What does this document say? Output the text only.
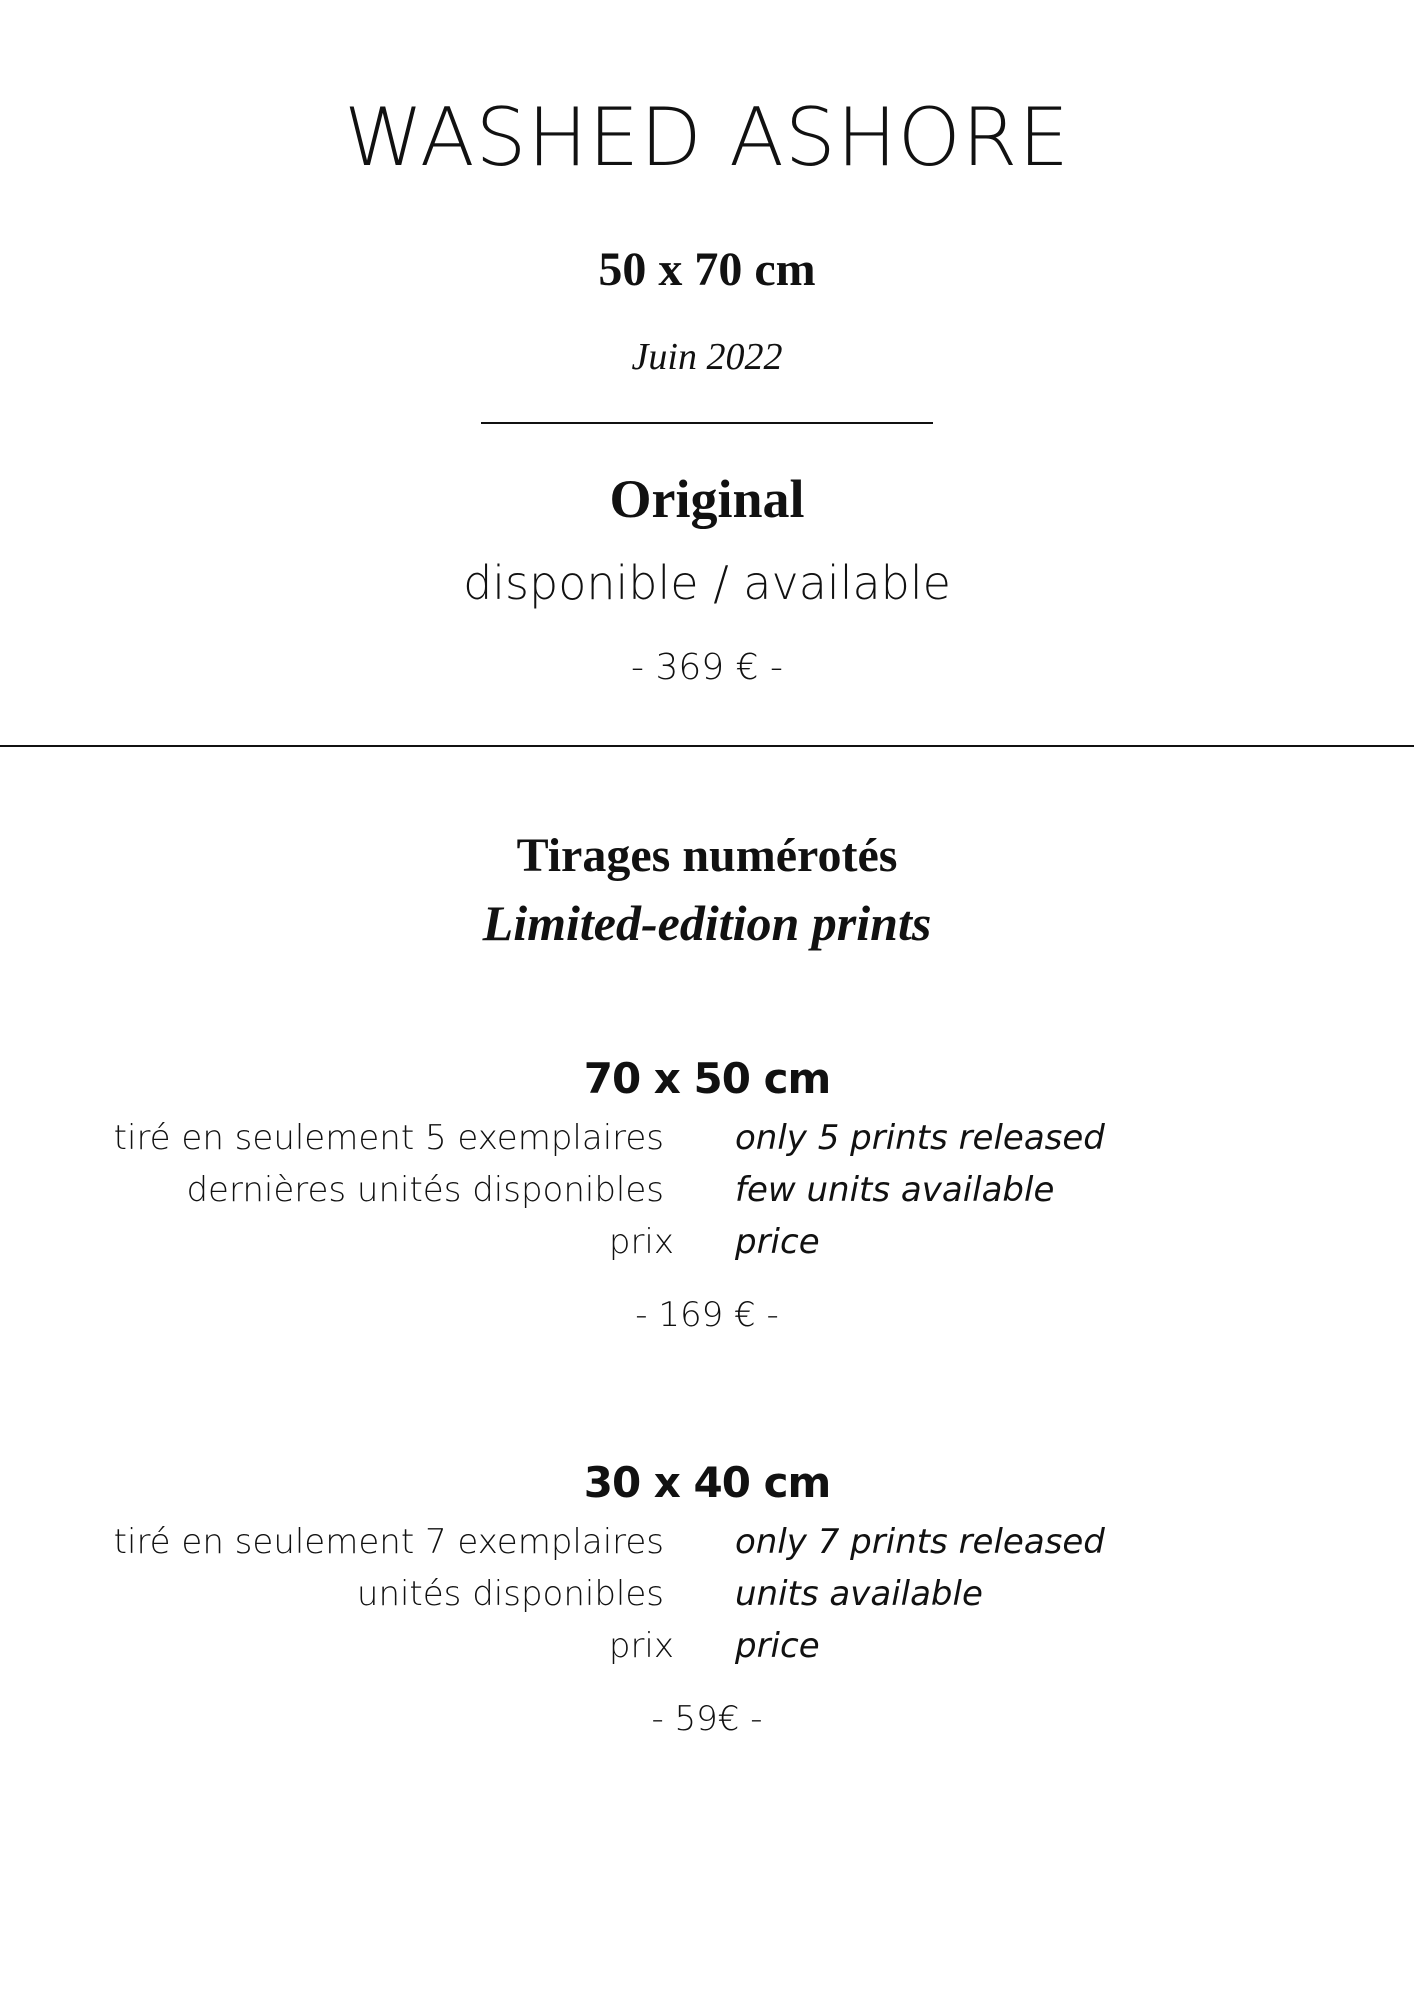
WASHED ASHORE
50 x 70 cm
Juin 2022
Original
disponible / available
- 369 € -
Tirages numérotés
Limited-edition prints
70 x 50 cm
tiré en seulement 5 exemplaires only 5 prints released
dernières unités disponibles few units available
prix price
- 169 € -
30 x 40 cm
tiré en seulement 7 exemplaires only 7 prints released
unités disponibles units available
prix price
- 59€ -
